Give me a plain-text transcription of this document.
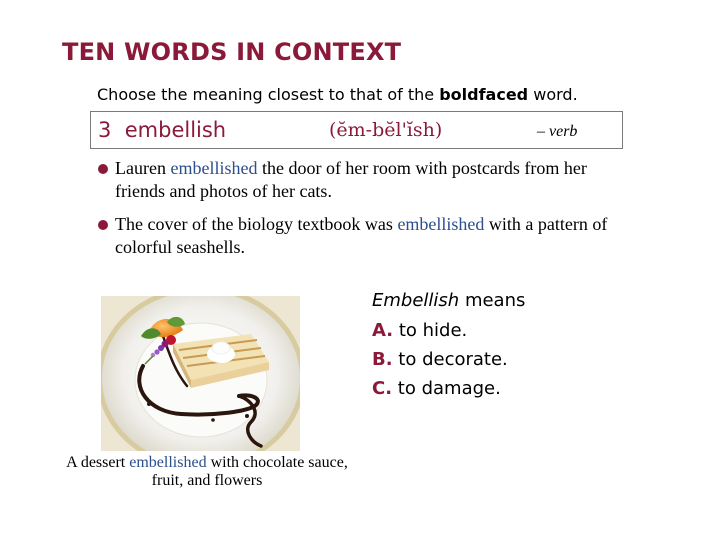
TEN WORDS IN CONTEXT
Choose the meaning closest to that of the boldfaced word.
3 embellish	(ĕm-bĕl'ĭsh)	– verb
Lauren embellished the door of her room with postcards from her friends and photos of her cats.
The cover of the biology textbook was embellished with a pattern of colorful seashells.
A dessert embellished with chocolate sauce, fruit, and flowers
Embellish means
A. to hide.
B. to decorate.
C. to damage.
